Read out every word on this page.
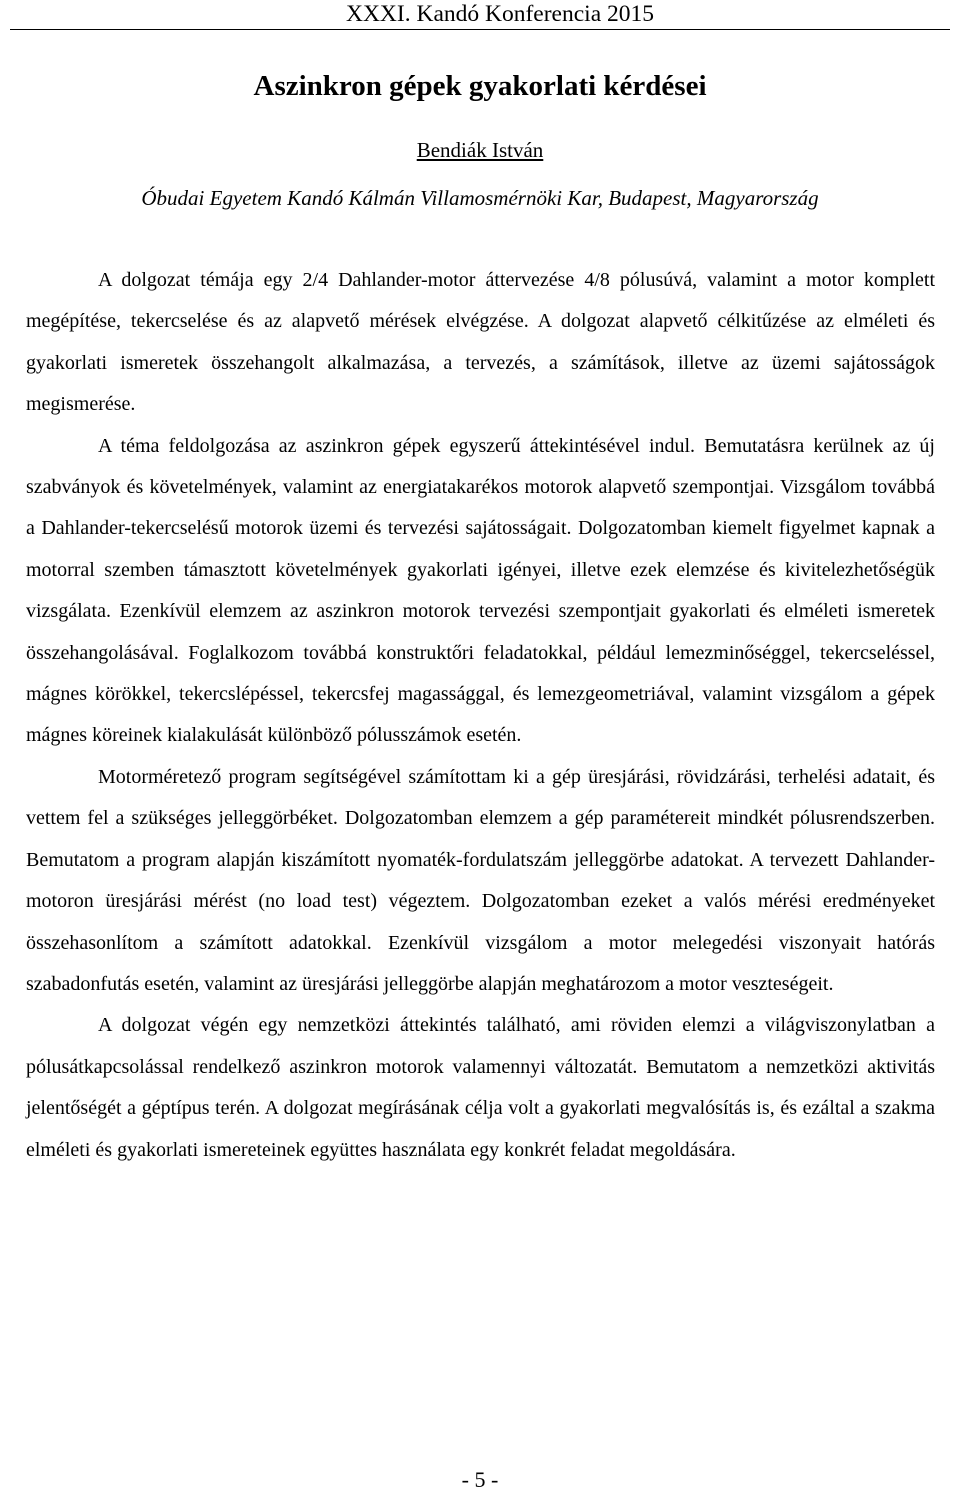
XXXI. Kandó Konferencia 2015
Aszinkron gépek gyakorlati kérdései
Bendiák István
Óbudai Egyetem Kandó Kálmán Villamosmérnöki Kar, Budapest, Magyarország

A dolgozat témája egy 2/4 Dahlander-motor áttervezése 4/8 pólusúvá, valamint a motor komplett megépítése, tekercselése és az alapvető mérések elvégzése. A dolgozat alapvető célkitűzése az elméleti és gyakorlati ismeretek összehangolt alkalmazása, a tervezés, a számítások, illetve az üzemi sajátosságok megismerése.

A téma feldolgozása az aszinkron gépek egyszerű áttekintésével indul. Bemutatásra kerülnek az új szabványok és követelmények, valamint az energiatakarékos motorok alapvető szempontjai. Vizsgálom továbbá a Dahlander-tekercselésű motorok üzemi és tervezési sajátosságait. Dolgozatomban kiemelt figyelmet kapnak a motorral szemben támasztott követelmények gyakorlati igényei, illetve ezek elemzése és kivitelezhetőségük vizsgálata. Ezenkívül elemzem az aszinkron motorok tervezési szempontjait gyakorlati és elméleti ismeretek összehangolásával. Foglalkozom továbbá konstruktőri feladatokkal, például lemezminőséggel, tekercseléssel, mágnes körökkel, tekercslépéssel, tekercsfej magassággal, és lemezgeometriával, valamint vizsgálom a gépek mágnes köreinek kialakulását különböző pólusszámok esetén.

Motorméretező program segítségével számítottam ki a gép üresjárási, rövidzárási, terhelési adatait, és vettem fel a szükséges jelleggörbéket. Dolgozatomban elemzem a gép paramétereit mindkét pólusrendszerben. Bemutatom a program alapján kiszámított nyomaték-fordulatszám jelleggörbe adatokat. A tervezett Dahlander-motoron üresjárási mérést (no load test) végeztem. Dolgozatomban ezeket a valós mérési eredményeket összehasonlítom a számított adatokkal. Ezenkívül vizsgálom a motor melegedési viszonyait hatórás szabadonfutás esetén, valamint az üresjárási jelleggörbe alapján meghatározom a motor veszteségeit.

A dolgozat végén egy nemzetközi áttekintés található, ami röviden elemzi a világviszonylatban a pólusátkapcsolással rendelkező aszinkron motorok valamennyi változatát. Bemutatom a nemzetközi aktivitás jelentőségét a géptípus terén. A dolgozat megírásának célja volt a gyakorlati megvalósítás is, és ezáltal a szakma elméleti és gyakorlati ismereteinek együttes használata egy konkrét feladat megoldására.

- 5 -
